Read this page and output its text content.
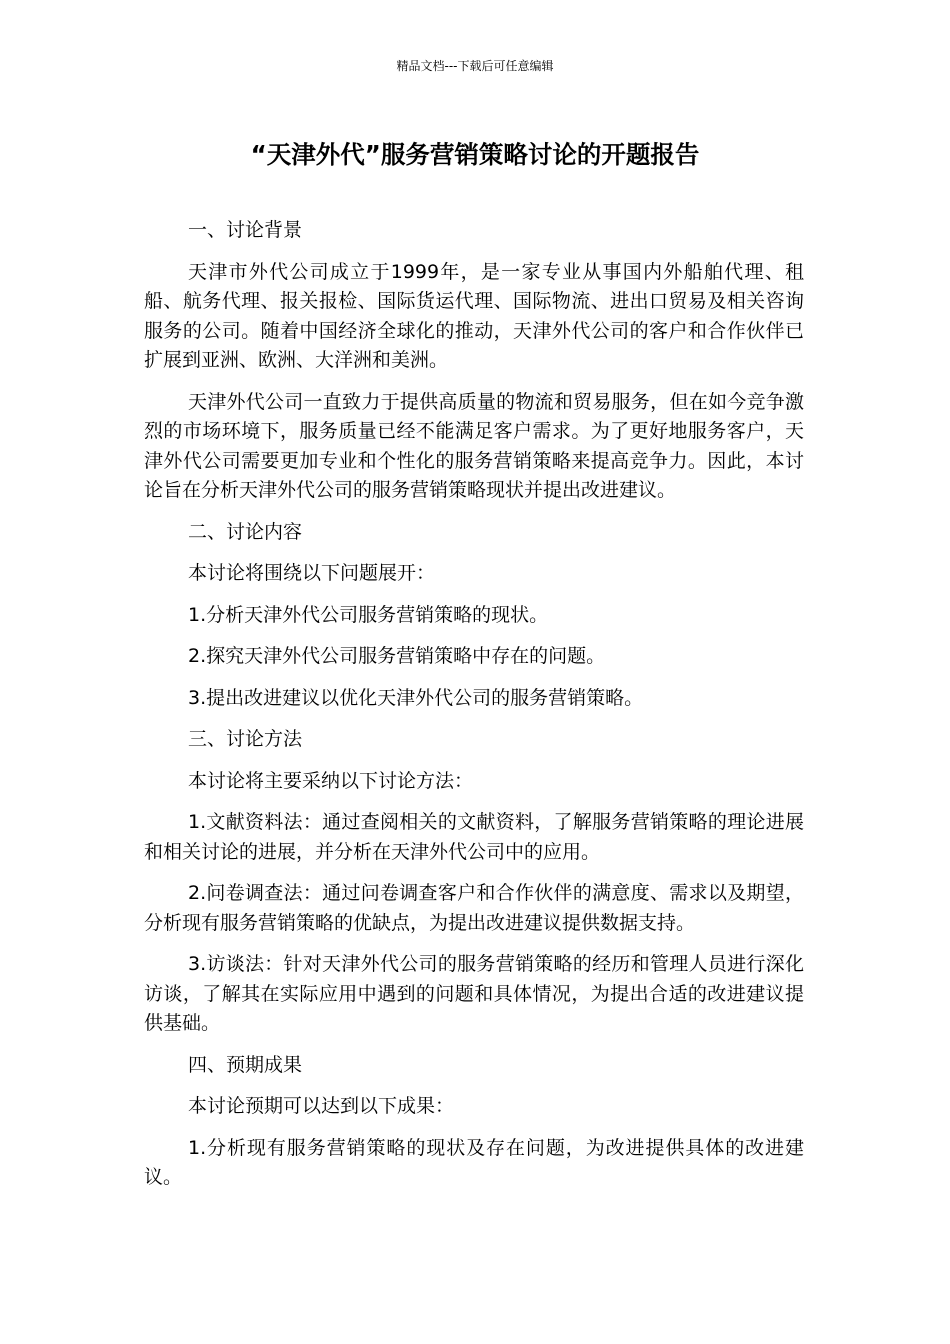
精品文档---下载后可任意编辑
“天津外代”服务营销策略讨论的开题报告

一、讨论背景

天津市外代公司成立于1999年，是一家专业从事国内外船舶代理、租船、航务代理、报关报检、国际货运代理、国际物流、进出口贸易及相关咨询服务的公司。随着中国经济全球化的推动，天津外代公司的客户和合作伙伴已扩展到亚洲、欧洲、大洋洲和美洲。

天津外代公司一直致力于提供高质量的物流和贸易服务，但在如今竞争激烈的市场环境下，服务质量已经不能满足客户需求。为了更好地服务客户，天津外代公司需要更加专业和个性化的服务营销策略来提高竞争力。因此，本讨论旨在分析天津外代公司的服务营销策略现状并提出改进建议。

二、讨论内容

本讨论将围绕以下问题展开：

1.分析天津外代公司服务营销策略的现状。

2.探究天津外代公司服务营销策略中存在的问题。

3.提出改进建议以优化天津外代公司的服务营销策略。

三、讨论方法

本讨论将主要采纳以下讨论方法：

1.文献资料法：通过查阅相关的文献资料，了解服务营销策略的理论进展和相关讨论的进展，并分析在天津外代公司中的应用。

2.问卷调查法：通过问卷调查客户和合作伙伴的满意度、需求以及期望，分析现有服务营销策略的优缺点，为提出改进建议提供数据支持。

3.访谈法：针对天津外代公司的服务营销策略的经历和管理人员进行深化访谈，了解其在实际应用中遇到的问题和具体情况，为提出合适的改进建议提供基础。

四、预期成果

本讨论预期可以达到以下成果：

1.分析现有服务营销策略的现状及存在问题，为改进提供具体的改进建议。
